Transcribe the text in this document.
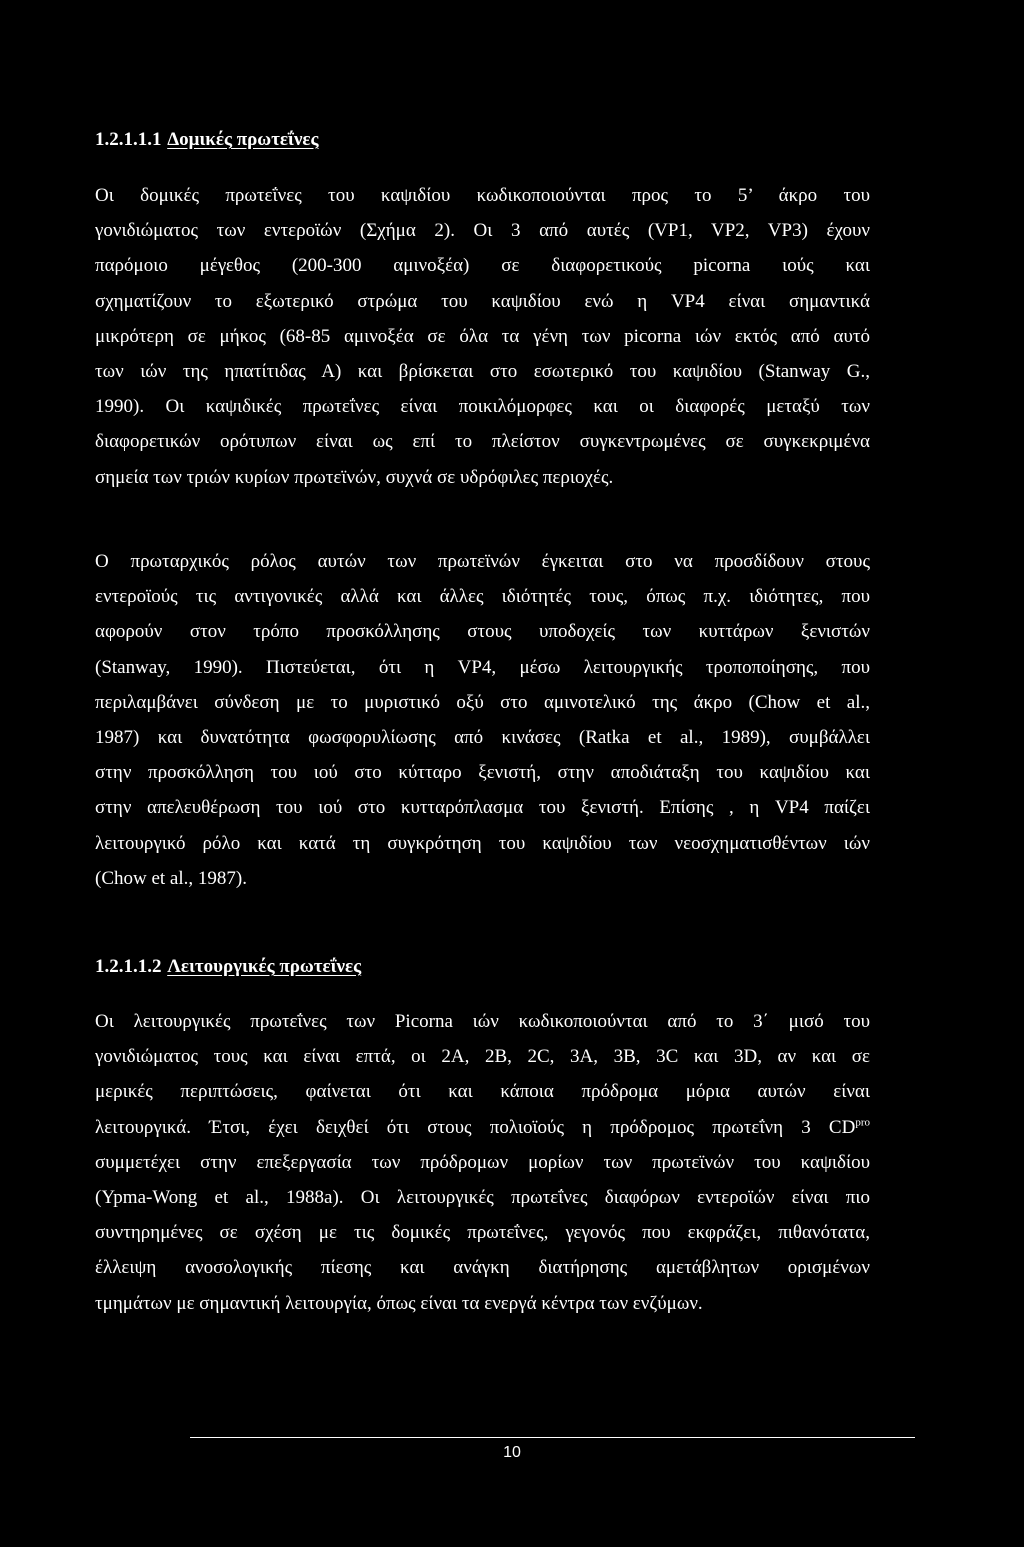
1.2.1.1.1 Δομικές πρωτεΐνες
Οι δομικές πρωτεΐνες του καψιδίου κωδικοποιούνται προς το 5’ άκρο του
γονιδιώματος των εντεροϊών (Σχήμα 2). Οι 3 από αυτές (VP1, VP2, VP3) έχουν
παρόμοιο μέγεθος (200-300 αμινοξέα) σε διαφορετικούς picorna ιούς και
σχηματίζουν το εξωτερικό στρώμα του καψιδίου ενώ η VP4 είναι σημαντικά
μικρότερη σε μήκος (68-85 αμινοξέα σε όλα τα γένη των picorna ιών εκτός από αυτό
των ιών της ηπατίτιδας Α) και βρίσκεται στο εσωτερικό του καψιδίου (Stanway G.,
1990). Οι καψιδικές πρωτεΐνες είναι ποικιλόμορφες και οι διαφορές μεταξύ των
διαφορετικών ορότυπων είναι ως επί το πλείστον συγκεντρωμένες σε συγκεκριμένα
σημεία των τριών κυρίων πρωτεϊνών, συχνά σε υδρόφιλες περιοχές.
Ο πρωταρχικός ρόλος αυτών των πρωτεϊνών έγκειται στο να προσδίδουν στους
εντεροϊούς τις αντιγονικές αλλά και άλλες ιδιότητές τους, όπως π.χ. ιδιότητες, που
αφορούν στον τρόπο προσκόλλησης στους υποδοχείς των κυττάρων ξενιστών
(Stanway, 1990). Πιστεύεται, ότι η VP4, μέσω λειτουργικής τροποποίησης, που
περιλαμβάνει σύνδεση με το μυριστικό οξύ στο αμινοτελικό της άκρο (Chow et al.,
1987) και δυνατότητα φωσφορυλίωσης από κινάσες (Ratka et al., 1989), συμβάλλει
στην προσκόλληση του ιού στο κύτταρο ξενιστή, στην αποδιάταξη του καψιδίου και
στην απελευθέρωση του ιού στο κυτταρόπλασμα του ξενιστή. Επίσης , η VP4 παίζει
λειτουργικό ρόλο και κατά τη συγκρότηση του καψιδίου των νεοσχηματισθέντων ιών
(Chow et al., 1987).
1.2.1.1.2 Λειτουργικές πρωτεΐνες
Οι λειτουργικές πρωτεΐνες των Picorna ιών κωδικοποιούνται από το 3΄ μισό του
γονιδιώματος τους και είναι επτά, οι 2Α, 2Β, 2C, 3A, 3B, 3C και 3D, αν και σε
μερικές περιπτώσεις, φαίνεται ότι και κάποια πρόδρομα μόρια αυτών είναι
λειτουργικά. Έτσι, έχει δειχθεί ότι στους πολιοϊούς η πρόδρομος πρωτεΐνη 3 $CD^{pro}$
συμμετέχει στην επεξεργασία των πρόδρομων μορίων των πρωτεϊνών του καψιδίου
(Ypma-Wong et al., 1988a). Οι λειτουργικές πρωτεΐνες διαφόρων εντεροϊών είναι πιο
συντηρημένες σε σχέση με τις δομικές πρωτεΐνες, γεγονός που εκφράζει, πιθανότατα,
έλλειψη ανοσολογικής πίεσης και ανάγκη διατήρησης αμετάβλητων ορισμένων
τμημάτων με σημαντική λειτουργία, όπως είναι τα ενεργά κέντρα των ενζύμων.
10
